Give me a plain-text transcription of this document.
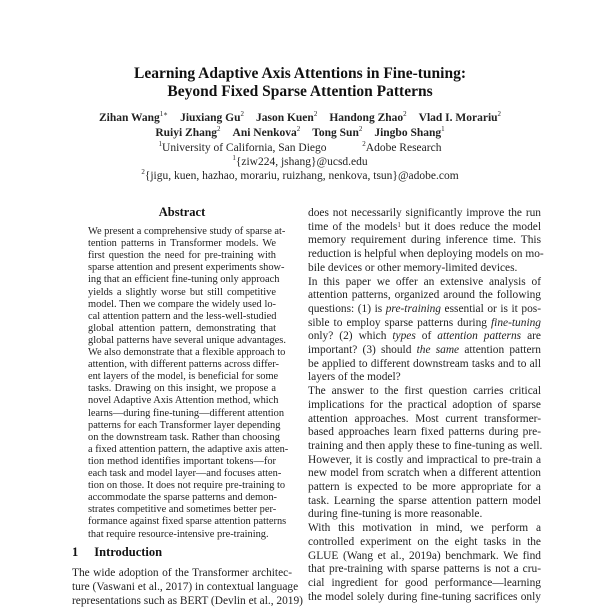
Learning Adaptive Axis Attentions in Fine-tuning:
Beyond Fixed Sparse Attention Patterns
Zihan Wang$^{1∗}$ Jiuxiang Gu$^2$ Jason Kuen$^2$ Handong Zhao$^2$ Vlad I. Morariu$^2$
Ruiyi Zhang$^2$ Ani Nenkova$^2$ Tong Sun$^2$ Jingbo Shang$^1$
$^1$University of California, San Diego	$^2$Adobe Research
$^1${ziw224, jshang}@ucsd.edu
$^2${jigu, kuen, hazhao, morariu, ruizhang, nenkova, tsun}@adobe.com
Abstract
We present a comprehensive study of sparse at-
tention patterns in Transformer models. We
first question the need for pre-training with
sparse attention and present experiments show-
ing that an efficient fine-tuning only approach
yields a slightly worse but still competitive
model. Then we compare the widely used lo-
cal attention pattern and the less-well-studied
global attention pattern, demonstrating that
global patterns have several unique advantages.
We also demonstrate that a flexible approach to
attention, with different patterns across differ-
ent layers of the model, is beneficial for some
tasks. Drawing on this insight, we propose a
novel Adaptive Axis Attention method, which
learns—during fine-tuning—different attention
patterns for each Transformer layer depending
on the downstream task. Rather than choosing
a fixed attention pattern, the adaptive axis atten-
tion method identifies important tokens—for
each task and model layer—and focuses atten-
tion on those. It does not require pre-training to
accommodate the sparse patterns and demon-
strates competitive and sometimes better per-
formance against fixed sparse attention patterns
that require resource-intensive pre-training.
1 Introduction
The wide adoption of the Transformer architec-
ture (Vaswani et al., 2017) in contextual language
representations such as BERT (Devlin et al., 2019)
does not necessarily significantly improve the run
time of the models$^1$ but it does reduce the model
memory requirement during inference time. This
reduction is helpful when deploying models on mo-
bile devices or other memory-limited devices.
In this paper we offer an extensive analysis of
attention patterns, organized around the following
questions: (1) is pre-training essential or is it pos-
sible to employ sparse patterns during fine-tuning
only? (2) which types of attention patterns are
important? (3) should the same attention pattern
be applied to different downstream tasks and to all
layers of the model?
The answer to the first question carries critical
implications for the practical adoption of sparse
attention approaches. Most current transformer-
based approaches learn fixed patterns during pre-
training and then apply these to fine-tuning as well.
However, it is costly and impractical to pre-train a
new model from scratch when a different attention
pattern is expected to be more appropriate for a
task. Learning the sparse attention pattern model
during fine-tuning is more reasonable.
With this motivation in mind, we perform a
controlled experiment on the eight tasks in the
GLUE (Wang et al., 2019a) benchmark. We find
that pre-training with sparse patterns is not a cru-
cial ingredient for good performance—learning
the model solely during fine-tuning sacrifices only
